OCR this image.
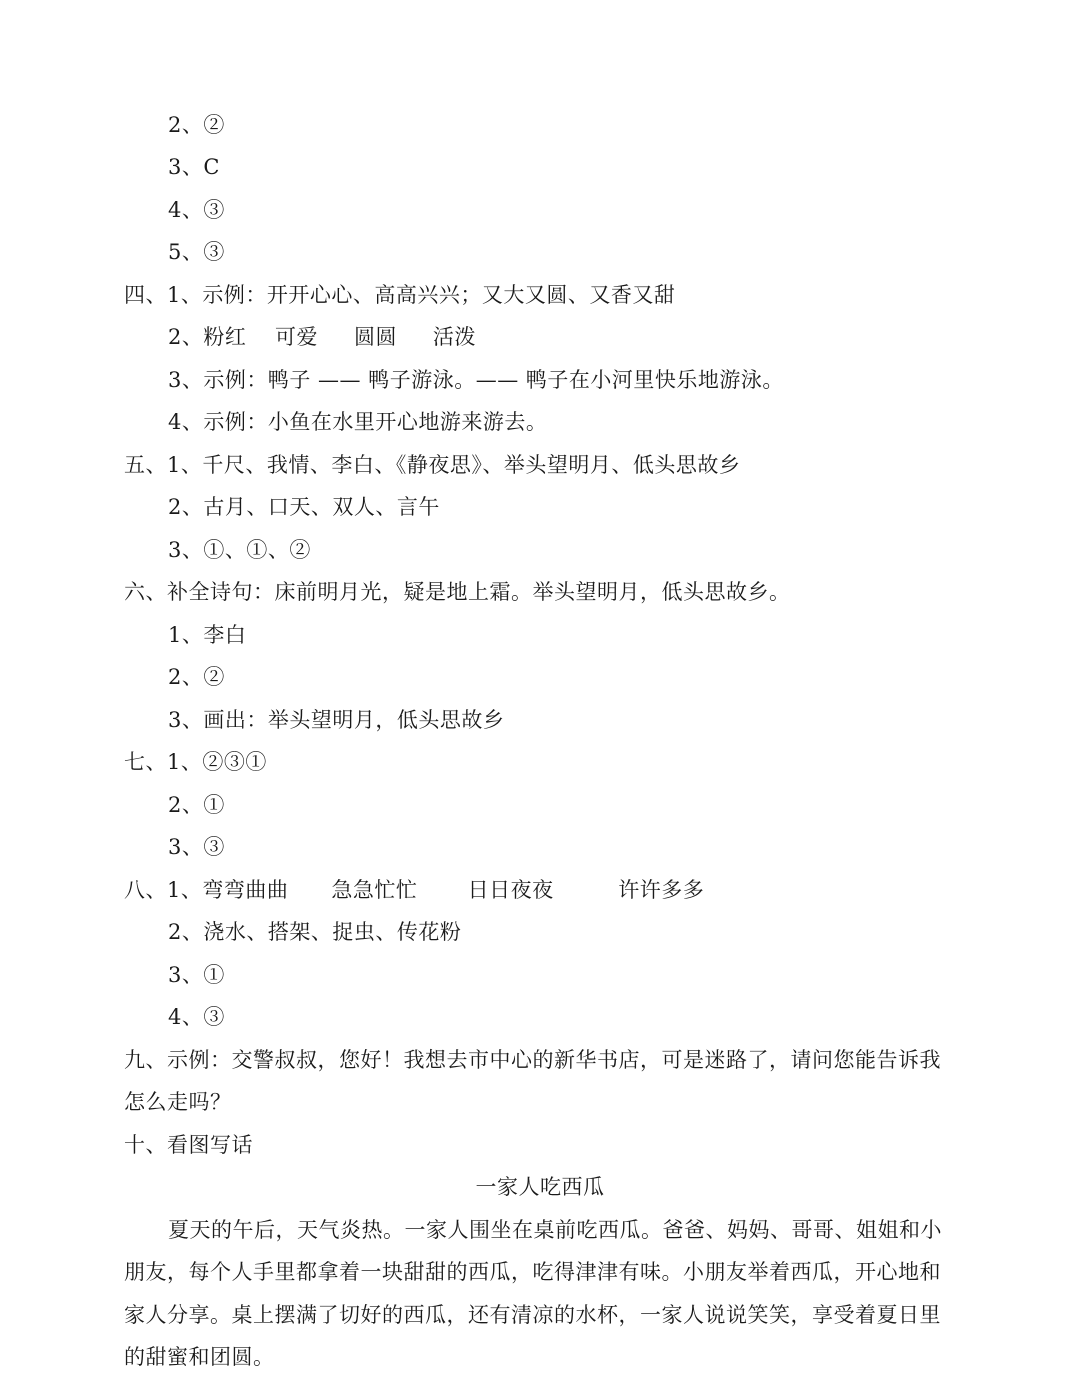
2、②
3、C
4、③
5、③
四、1、示例：开开心心、高高兴兴；又大又圆、又香又甜
2、粉红    可爱     圆圆     活泼
3、示例：鸭子 —— 鸭子游泳。—— 鸭子在小河里快乐地游泳。
4、示例：小鱼在水里开心地游来游去。
五、1、千尺、我情、李白、《静夜思》、举头望明月、低头思故乡
2、古月、口天、双人、言午
3、①、①、②
六、补全诗句：床前明月光，疑是地上霜。举头望明月，低头思故乡。
1、李白
2、②
3、画出：举头望明月，低头思故乡
七、1、②③①
2、①
3、③
八、1、弯弯曲曲      急急忙忙       日日夜夜         许许多多
2、浇水、搭架、捉虫、传花粉
3、①
4、③
九、示例：交警叔叔，您好！我想去市中心的新华书店，可是迷路了，请问您能告诉我
怎么走吗？
十、看图写话
一家人吃西瓜
夏天的午后，天气炎热。一家人围坐在桌前吃西瓜。爸爸、妈妈、哥哥、姐姐和小
朋友，每个人手里都拿着一块甜甜的西瓜，吃得津津有味。小朋友举着西瓜，开心地和
家人分享。桌上摆满了切好的西瓜，还有清凉的水杯，一家人说说笑笑，享受着夏日里
的甜蜜和团圆。
